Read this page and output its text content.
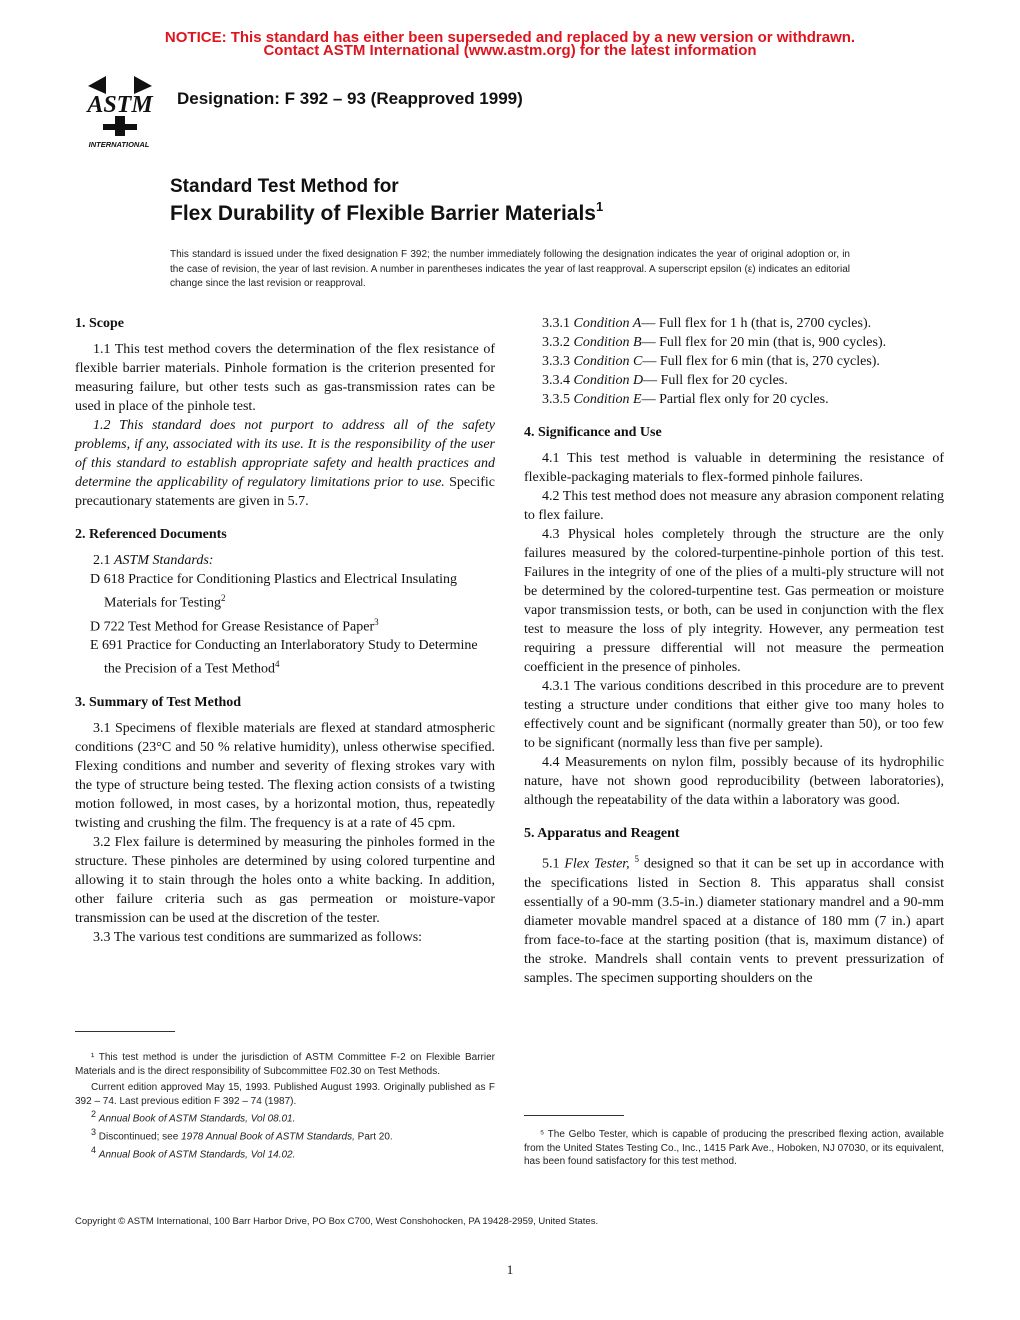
NOTICE: This standard has either been superseded and replaced by a new version or withdrawn.
Contact ASTM International (www.astm.org) for the latest information
ASTM
INTERNATIONAL
Designation: F 392 – 93 (Reapproved 1999)
Standard Test Method for
Flex Durability of Flexible Barrier Materials$^1$
This standard is issued under the fixed designation F 392; the number immediately following the designation indicates the year of original adoption or, in the case of revision, the year of last revision. A number in parentheses indicates the year of last reapproval. A superscript epsilon (ε) indicates an editorial change since the last revision or reapproval.
1. Scope

1.1 This test method covers the determination of the flex resistance of flexible barrier materials. Pinhole formation is the criterion presented for measuring failure, but other tests such as gas-transmission rates can be used in place of the pinhole test.

1.2 This standard does not purport to address all of the safety problems, if any, associated with its use. It is the responsibility of the user of this standard to establish appropriate safety and health practices and determine the applicability of regulatory limitations prior to use. Specific precautionary statements are given in 5.7.

2. Referenced Documents

2.1 ASTM Standards:

D 618 Practice for Conditioning Plastics and Electrical Insulating Materials for Testing$^2$

D 722 Test Method for Grease Resistance of Paper$^3$

E 691 Practice for Conducting an Interlaboratory Study to Determine the Precision of a Test Method$^4$

3. Summary of Test Method

3.1 Specimens of flexible materials are flexed at standard atmospheric conditions (23°C and 50 % relative humidity), unless otherwise specified. Flexing conditions and number and severity of flexing strokes vary with the type of structure being tested. The flexing action consists of a twisting motion followed, in most cases, by a horizontal motion, thus, repeatedly twisting and crushing the film. The frequency is at a rate of 45 cpm.

3.2 Flex failure is determined by measuring the pinholes formed in the structure. These pinholes are determined by using colored turpentine and allowing it to stain through the holes onto a white backing. In addition, other failure criteria such as gas permeation or moisture-vapor transmission can be used at the discretion of the tester.

3.3 The various test conditions are summarized as follows:

¹ This test method is under the jurisdiction of ASTM Committee F-2 on Flexible Barrier Materials and is the direct responsibility of Subcommittee F02.30 on Test Methods.

Current edition approved May 15, 1993. Published August 1993. Originally published as F 392 – 74. Last previous edition F 392 – 74 (1987).

$^2$ Annual Book of ASTM Standards, Vol 08.01.

$^3$ Discontinued; see 1978 Annual Book of ASTM Standards, Part 20.

$^4$ Annual Book of ASTM Standards, Vol 14.02.

3.3.1 Condition A— Full flex for 1 h (that is, 2700 cycles).

3.3.2 Condition B— Full flex for 20 min (that is, 900 cycles).

3.3.3 Condition C— Full flex for 6 min (that is, 270 cycles).

3.3.4 Condition D— Full flex for 20 cycles.

3.3.5 Condition E— Partial flex only for 20 cycles.

4. Significance and Use

4.1 This test method is valuable in determining the resistance of flexible-packaging materials to flex-formed pinhole failures.

4.2 This test method does not measure any abrasion component relating to flex failure.

4.3 Physical holes completely through the structure are the only failures measured by the colored-turpentine-pinhole portion of this test. Failures in the integrity of one of the plies of a multi-ply structure will not be determined by the colored-turpentine test. Gas permeation or moisture vapor transmission tests, or both, can be used in conjunction with the flex test to measure the loss of ply integrity. However, any permeation test requiring a pressure differential will not measure the permeation coefficient in the presence of pinholes.

4.3.1 The various conditions described in this procedure are to prevent testing a structure under conditions that either give too many holes to effectively count and be significant (normally greater than 50), or too few to be significant (normally less than five per sample).

4.4 Measurements on nylon film, possibly because of its hydrophilic nature, have not shown good reproducibility (between laboratories), although the repeatability of the data within a laboratory was good.

5. Apparatus and Reagent

5.1 Flex Tester, $^5$ designed so that it can be set up in accordance with the specifications listed in Section 8. This apparatus shall consist essentially of a 90-mm (3.5-in.) diameter stationary mandrel and a 90-mm diameter movable mandrel spaced at a distance of 180 mm (7 in.) apart from face-to-face at the starting position (that is, maximum distance) of the stroke. Mandrels shall contain vents to prevent pressurization of samples. The specimen supporting shoulders on the

⁵ The Gelbo Tester, which is capable of producing the prescribed flexing action, available from the United States Testing Co., Inc., 1415 Park Ave., Hoboken, NJ 07030, or its equivalent, has been found satisfactory for this test method.

Copyright © ASTM International, 100 Barr Harbor Drive, PO Box C700, West Conshohocken, PA 19428-2959, United States.
1
